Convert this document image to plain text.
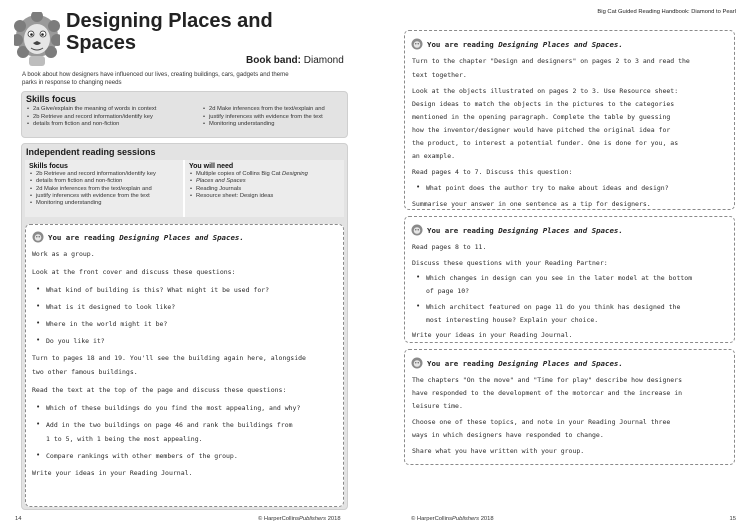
Designing Places and
Spaces
Book band: Diamond
A book about how designers have influenced our lives, creating buildings, cars, gadgets and theme
parks in response to changing needs
Skills focus
• 2a Give/explain the meaning of words in context
• 2b Retrieve and record information/identify key
• details from fiction and non-fiction
• 2d Make inferences from the text/explain and
• justify inferences with evidence from the text
• Monitoring understanding
Independent reading sessions
Skills focus
• 2b Retrieve and record information/identify key
• details from fiction and non-fiction
• 2d Make inferences from the text/explain and
• justify inferences with evidence from the text
• Monitoring understanding
You will need
• Multiple copies of Collins Big Cat Designing
• Places and Spaces
• Reading Journals
• Resource sheet: Design ideas
You are reading
Designing Places and Spaces.
Work as a group.
Look at the front cover and discuss these questions:
• What kind of building is this? What might it be used for?
• What is it designed to look like?
• Where in the world might it be?
• Do you like it?
Turn to pages 18 and 19. You'll see the building again here, alongside
two other famous buildings.
Read the text at the top of the page and discuss these questions:
• Which of these buildings do you find the most appealing, and why?
• Add in the two buildings on page 46 and rank the buildings from
1 to 5, with 1 being the most appealing.
• Compare rankings with other members of the group.
Write your ideas in your Reading Journal.
14	© HarperCollinsPublishers 2018
Big Cat Guided Reading Handbook: Diamond to Pearl
You are reading
Designing Places and Spaces.
Turn to the chapter "Design and designers" on pages 2 to 3 and read the
text together.
Look at the objects illustrated on pages 2 to 3. Use Resource sheet:
Design ideas to match the objects in the pictures to the categories
mentioned in the opening paragraph. Complete the table by guessing
how the inventor/designer would have pitched the original idea for
the product, to interest a potential funder. One is done for you, as
an example.
Read pages 4 to 7. Discuss this question:
• What point does the author try to make about ideas and design?
Summarise your answer in one sentence as a tip for designers.
You are reading
Designing Places and Spaces.
Read pages 8 to 11.
Discuss these questions with your Reading Partner:
• Which changes in design can you see in the later model at the bottom
of page 10?
• Which architect featured on page 11 do you think has designed the
most interesting house? Explain your choice.
Write your ideas in your Reading Journal.
You are reading
Designing Places and Spaces.
The chapters "On the move" and "Time for play" describe how designers
have responded to the development of the motorcar and the increase in
leisure time.
Choose one of these topics, and note in your Reading Journal three
ways in which designers have responded to change.
Share what you have written with your group.
© HarperCollinsPublishers 2018	15
